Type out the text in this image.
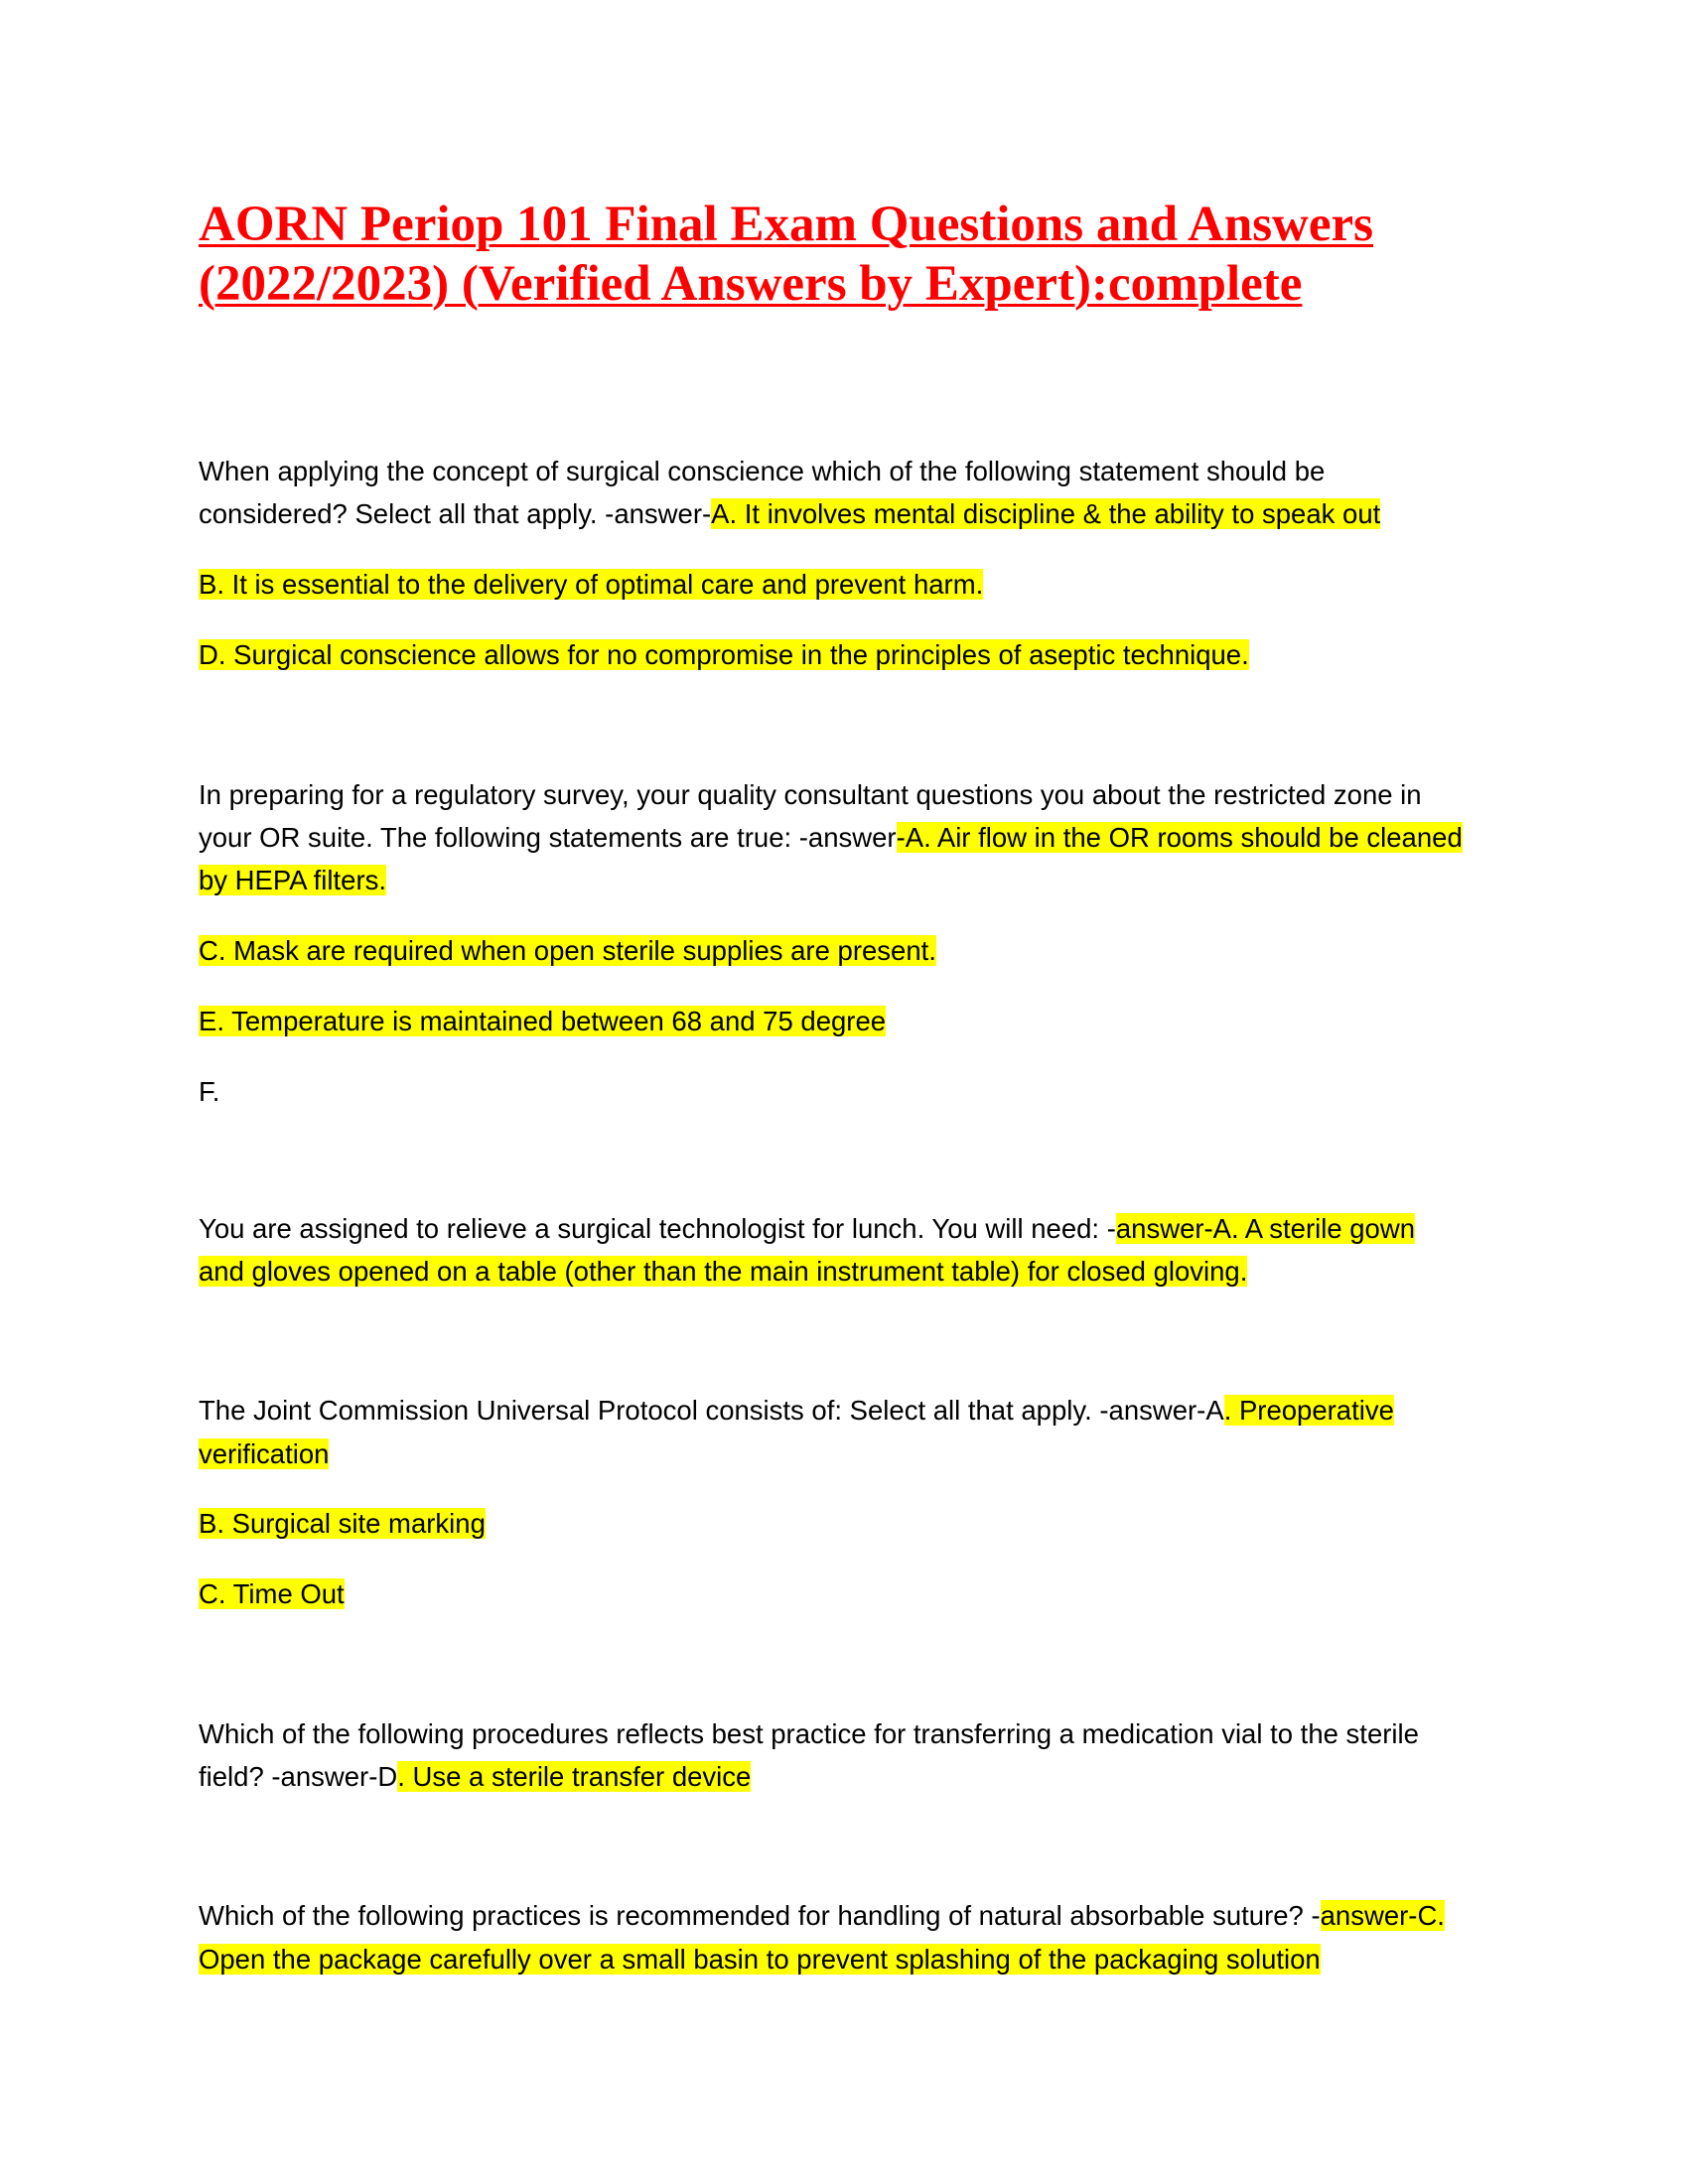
AORN Periop 101 Final Exam Questions and Answers
(2022/2023) (Verified Answers by Expert):complete

When applying the concept of surgical conscience which of the following statement should be

considered? Select all that apply. -answer-A. It involves mental discipline & the ability to speak out

B. It is essential to the delivery of optimal care and prevent harm.

D. Surgical conscience allows for no compromise in the principles of aseptic technique.

In preparing for a regulatory survey, your quality consultant questions you about the restricted zone in

your OR suite. The following statements are true: -answer-A. Air flow in the OR rooms should be cleaned

by HEPA filters.

C. Mask are required when open sterile supplies are present.

E. Temperature is maintained between 68 and 75 degree

F.

You are assigned to relieve a surgical technologist for lunch. You will need: -answer-A. A sterile gown

and gloves opened on a table (other than the main instrument table) for closed gloving.

The Joint Commission Universal Protocol consists of: Select all that apply. -answer-A. Preoperative

verification

B. Surgical site marking

C. Time Out

Which of the following procedures reflects best practice for transferring a medication vial to the sterile

field? -answer-D. Use a sterile transfer device

Which of the following practices is recommended for handling of natural absorbable suture? -answer-C.

Open the package carefully over a small basin to prevent splashing of the packaging solution
